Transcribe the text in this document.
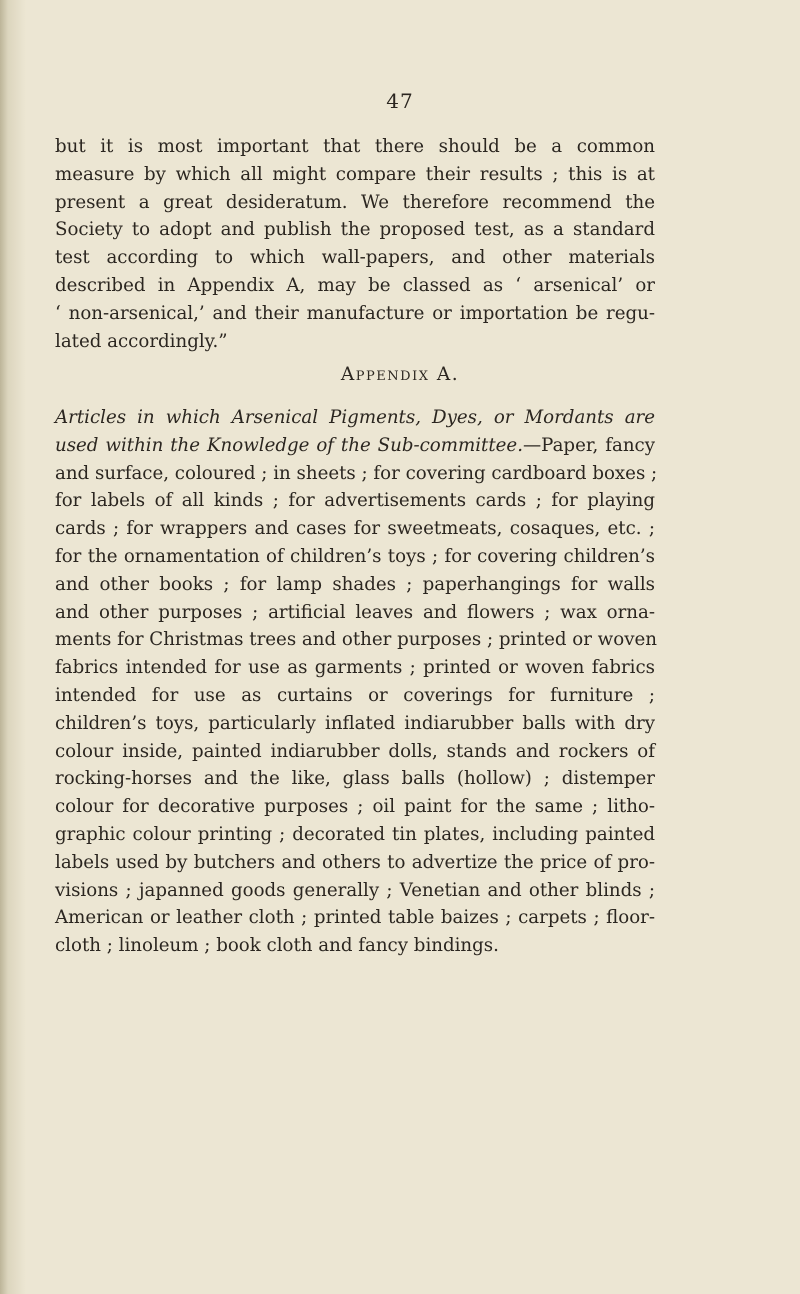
47
but it is most important that there should be a common
measure by which all might compare their results ; this is at
present a great desideratum. We therefore recommend the
Society to adopt and publish the proposed test, as a standard
test according to which wall-papers, and other materials
described in Appendix A, may be classed as ‘ arsenical’ or
‘ non-arsenical,’ and their manufacture or importation be regu-
lated accordingly.”
Appendix A.
Articles in which Arsenical Pigments, Dyes, or Mordants are
used within the Knowledge of the Sub-committee.—Paper, fancy
and surface, coloured ; in sheets ; for covering cardboard boxes ;
for labels of all kinds ; for advertisements cards ; for playing
cards ; for wrappers and cases for sweetmeats, cosaques, etc. ;
for the ornamentation of children’s toys ; for covering children’s
and other books ; for lamp shades ; paperhangings for walls
and other purposes ; artificial leaves and flowers ; wax orna-
ments for Christmas trees and other purposes ; printed or woven
fabrics intended for use as garments ; printed or woven fabrics
intended for use as curtains or coverings for furniture ;
children’s toys, particularly inflated indiarubber balls with dry
colour inside, painted indiarubber dolls, stands and rockers of
rocking-horses and the like, glass balls (hollow) ; distemper
colour for decorative purposes ; oil paint for the same ; litho-
graphic colour printing ; decorated tin plates, including painted
labels used by butchers and others to advertize the price of pro-
visions ; japanned goods generally ; Venetian and other blinds ;
American or leather cloth ; printed table baizes ; carpets ; floor-
cloth ; linoleum ; book cloth and fancy bindings.
